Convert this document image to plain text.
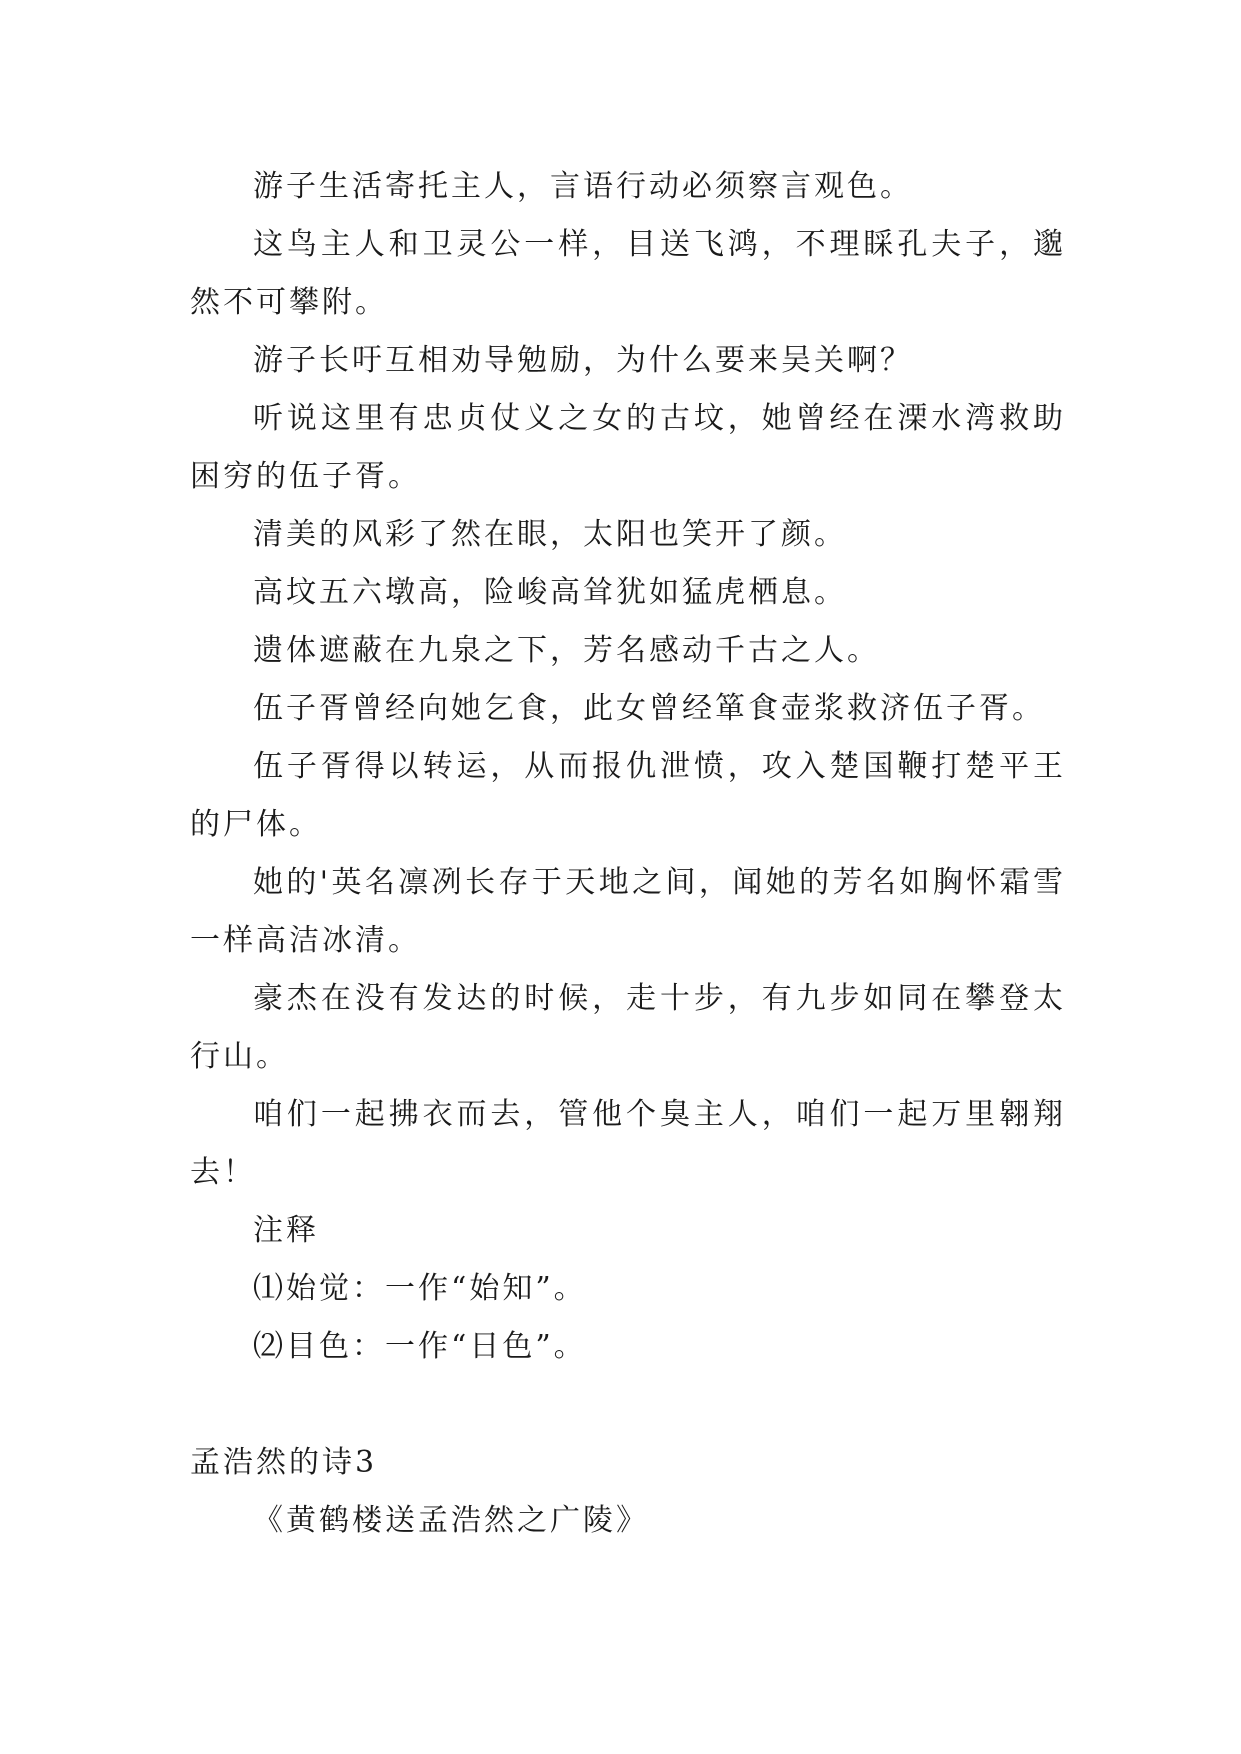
游子生活寄托主人，言语行动必须察言观色。

这鸟主人和卫灵公一样，目送飞鸿，不理睬孔夫子，邈然不可攀附。

游子长吁互相劝导勉励，为什么要来吴关啊？

听说这里有忠贞仗义之女的古坟，她曾经在溧水湾救助困穷的伍子胥。

清美的风彩了然在眼，太阳也笑开了颜。

高坟五六墩高，险峻高耸犹如猛虎栖息。

遗体遮蔽在九泉之下，芳名感动千古之人。

伍子胥曾经向她乞食，此女曾经箪食壶浆救济伍子胥。

伍子胥得以转运，从而报仇泄愤，攻入楚国鞭打楚平王的尸体。

她的'英名凛冽长存于天地之间，闻她的芳名如胸怀霜雪一样高洁冰清。

豪杰在没有发达的时候，走十步，有九步如同在攀登太行山。

咱们一起拂衣而去，管他个臭主人，咱们一起万里翱翔去！

注释

⑴始觉：一作“始知”。

⑵目色：一作“日色”。

孟浩然的诗3

《黄鹤楼送孟浩然之广陵》
